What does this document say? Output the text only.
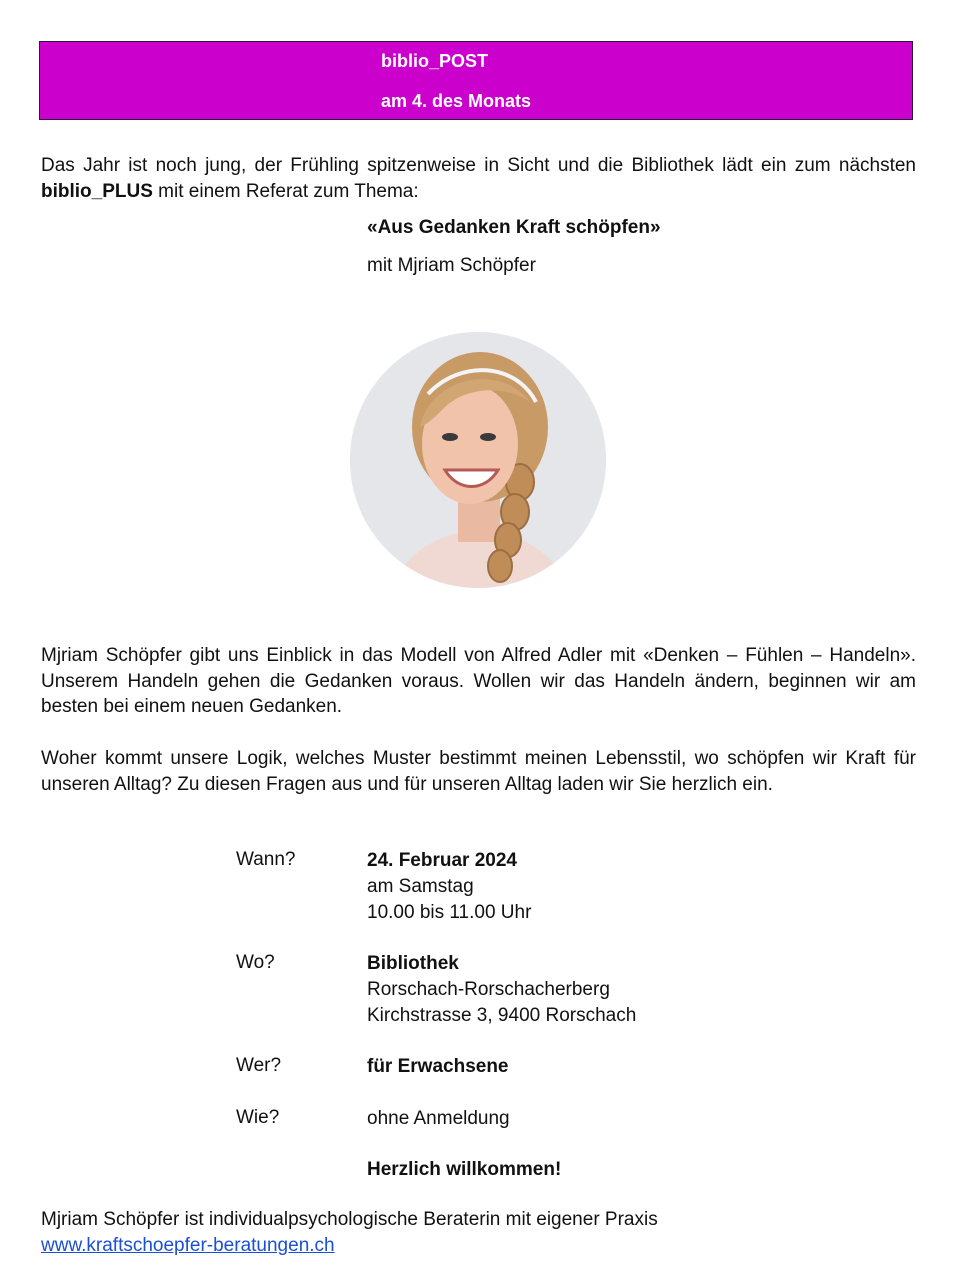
biblio_POST
am 4. des Monats
Das Jahr ist noch jung, der Frühling spitzenweise in Sicht und die Bibliothek lädt ein zum nächsten biblio_PLUS mit einem Referat zum Thema:
«Aus Gedanken Kraft schöpfen»
mit Mjriam Schöpfer
Mjriam Schöpfer gibt uns Einblick in das Modell von Alfred Adler mit «Denken – Fühlen – Handeln». Unserem Handeln gehen die Gedanken voraus. Wollen wir das Handeln ändern, beginnen wir am besten bei einem neuen Gedanken.
Woher kommt unsere Logik, welches Muster bestimmt meinen Lebensstil, wo schöpfen wir Kraft für unseren Alltag? Zu diesen Fragen aus und für unseren Alltag laden wir Sie herzlich ein.
Wann?	24. Februar 2024
am Samstag
10.00 bis 11.00 Uhr
Wo?	Bibliothek
Rorschach-Rorschacherberg
Kirchstrasse 3, 9400 Rorschach
Wer?	für Erwachsene
Wie?	ohne Anmeldung
Herzlich willkommen!
Mjriam Schöpfer ist individualpsychologische Beraterin mit eigener Praxis
www.kraftschoepfer-beratungen.ch
